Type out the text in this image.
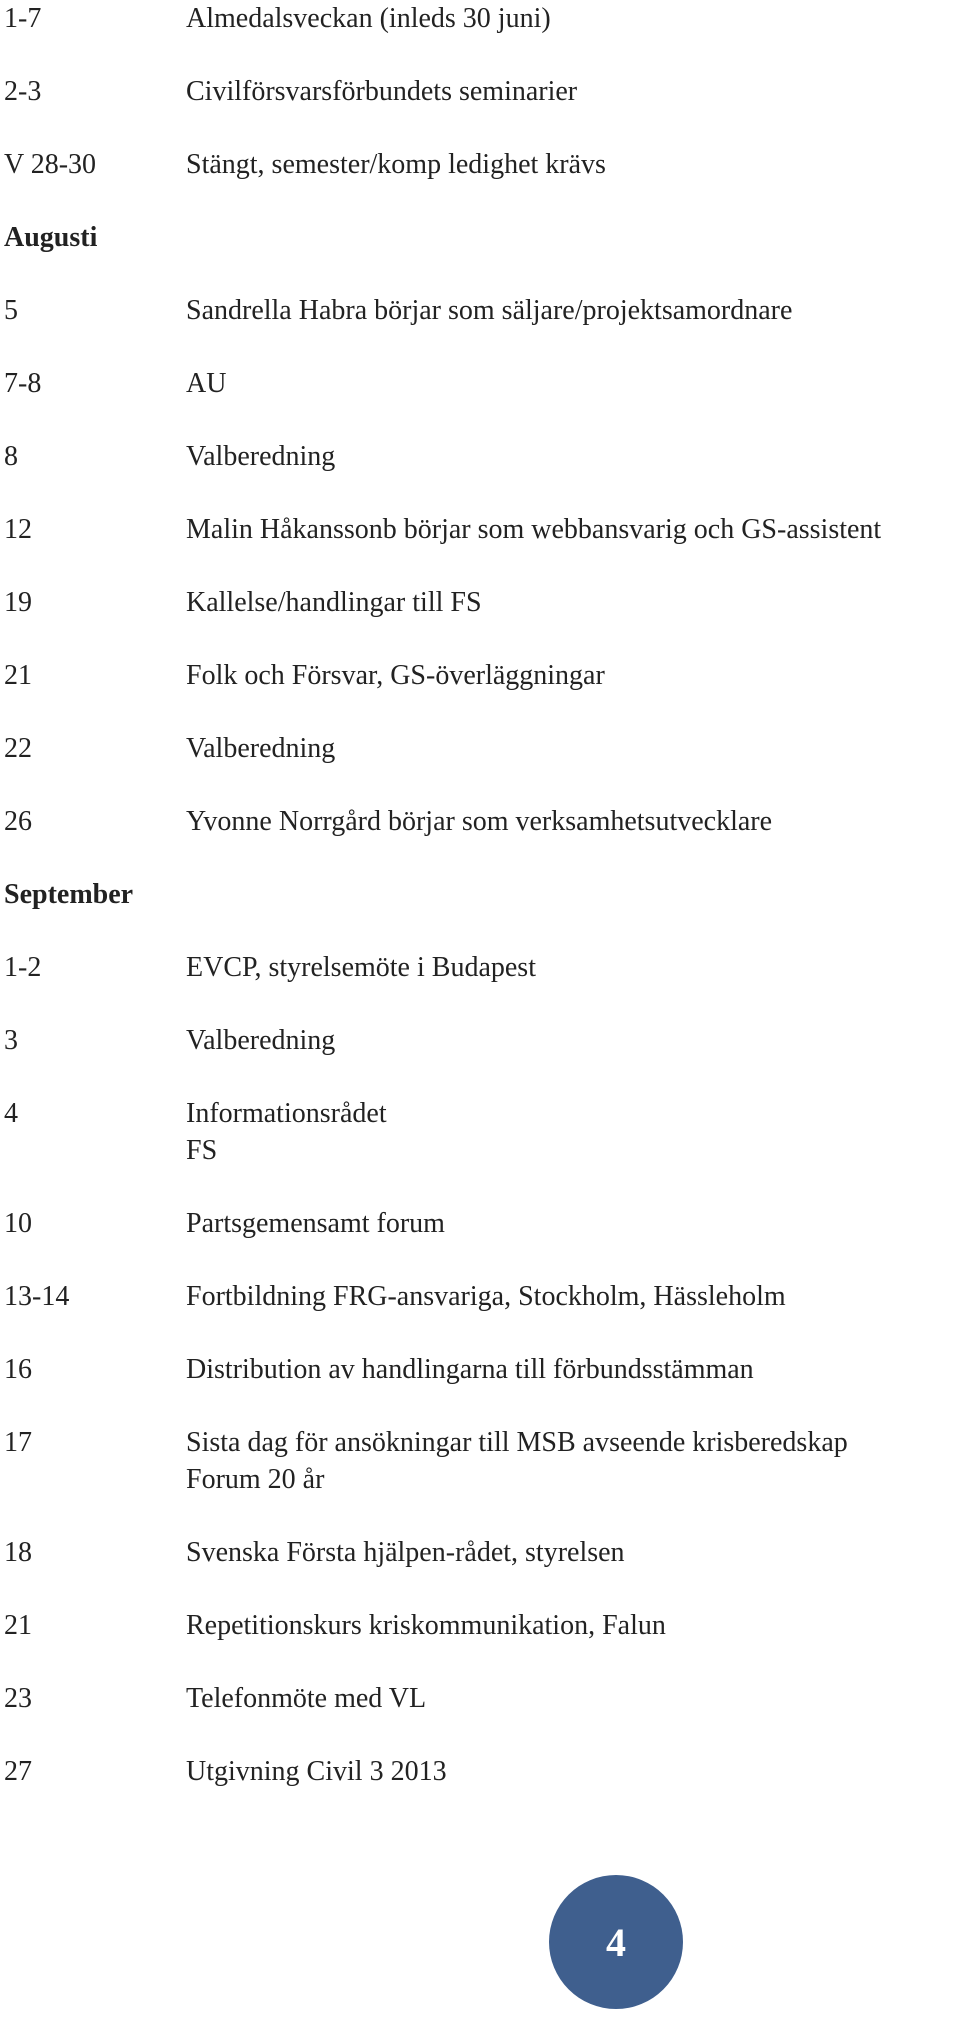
1-7	Almedalsveckan (inleds 30 juni)
2-3	Civilförsvarsförbundets seminarier
V 28-30	Stängt, semester/komp ledighet krävs
Augusti
5	Sandrella Habra börjar som säljare/projektsamordnare
7-8	AU
8	Valberedning
12	Malin Håkanssonb börjar som webbansvarig och GS-assistent
19	Kallelse/handlingar till FS
21	Folk och Försvar, GS-överläggningar
22	Valberedning
26	Yvonne Norrgård börjar som verksamhetsutvecklare
September
1-2	EVCP, styrelsemöte i Budapest
3	Valberedning
4	Informationsrådet
FS
10	Partsgemensamt forum
13-14	Fortbildning FRG-ansvariga, Stockholm, Hässleholm
16	Distribution av handlingarna till förbundsstämman
17	Sista dag för ansökningar till MSB avseende krisberedskap
Forum 20 år
18	Svenska Första hjälpen-rådet, styrelsen
21	Repetitionskurs kriskommunikation, Falun
23	Telefonmöte med VL
27	Utgivning Civil 3 2013
4
